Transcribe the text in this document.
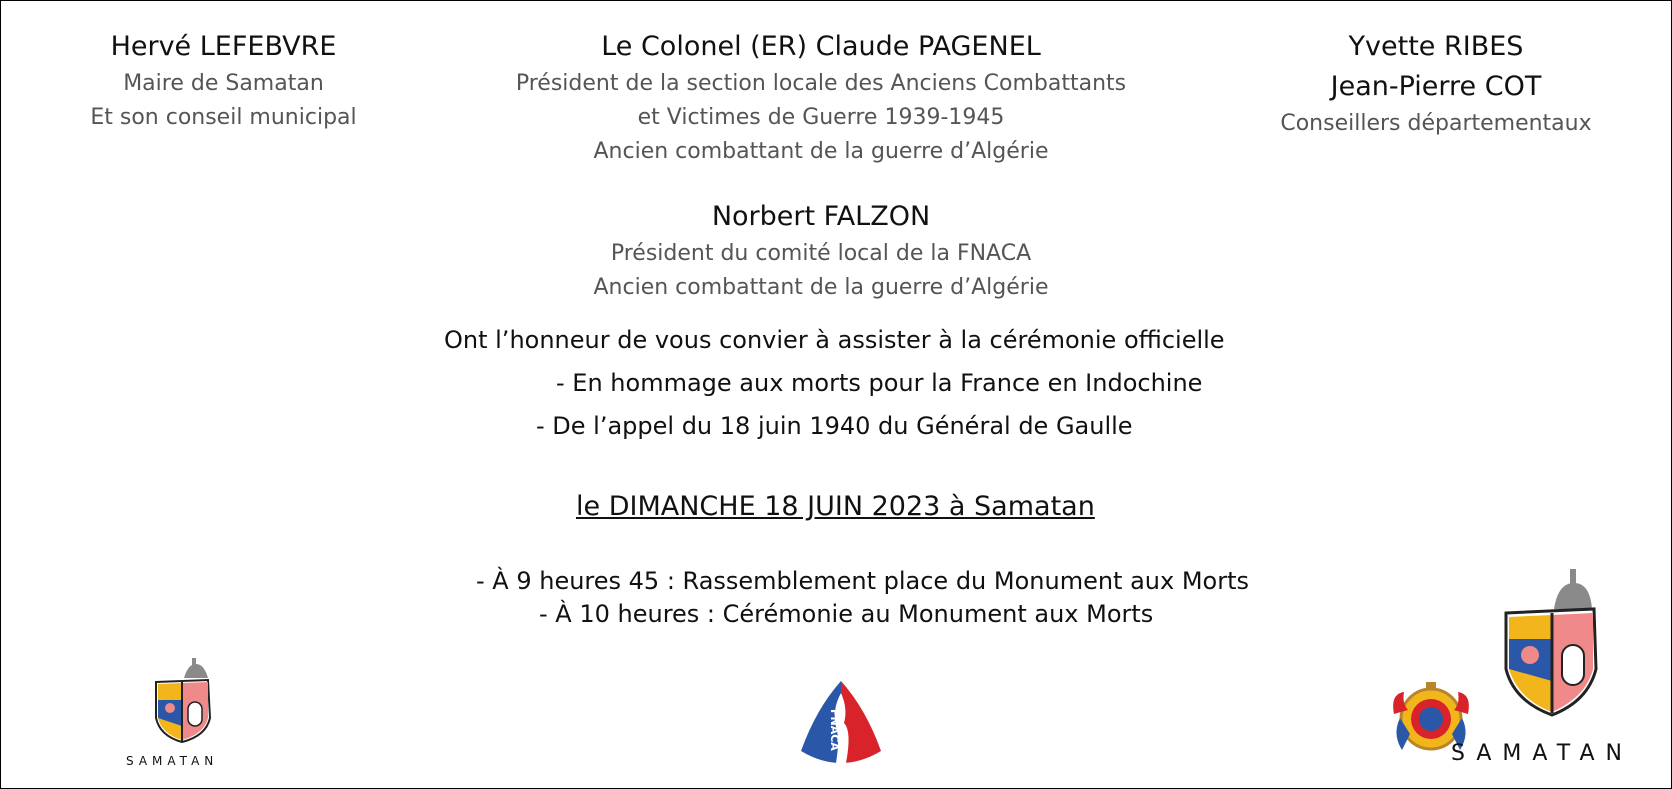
Hervé LEFEBVRE
Maire de Samatan
Et son conseil municipal
Le Colonel (ER) Claude PAGENEL
Président de la section locale des Anciens Combattants
et Victimes de Guerre 1939-1945
Ancien combattant de la guerre d’Algérie
Yvette RIBES
Jean-Pierre COT
Conseillers départementaux
Norbert FALZON
Président du comité local de la FNACA
Ancien combattant de la guerre d’Algérie
Ont l’honneur de vous convier à assister à la cérémonie officielle
- En hommage aux morts pour la France en Indochine
- De l’appel du 18 juin 1940 du Général de Gaulle
le DIMANCHE 18 JUIN 2023 à Samatan
- À 9 heures 45 : Rassemblement place du Monument aux Morts
- À 10 heures : Cérémonie au Monument aux Morts
SAMATAN
FNACA
SAMATAN
